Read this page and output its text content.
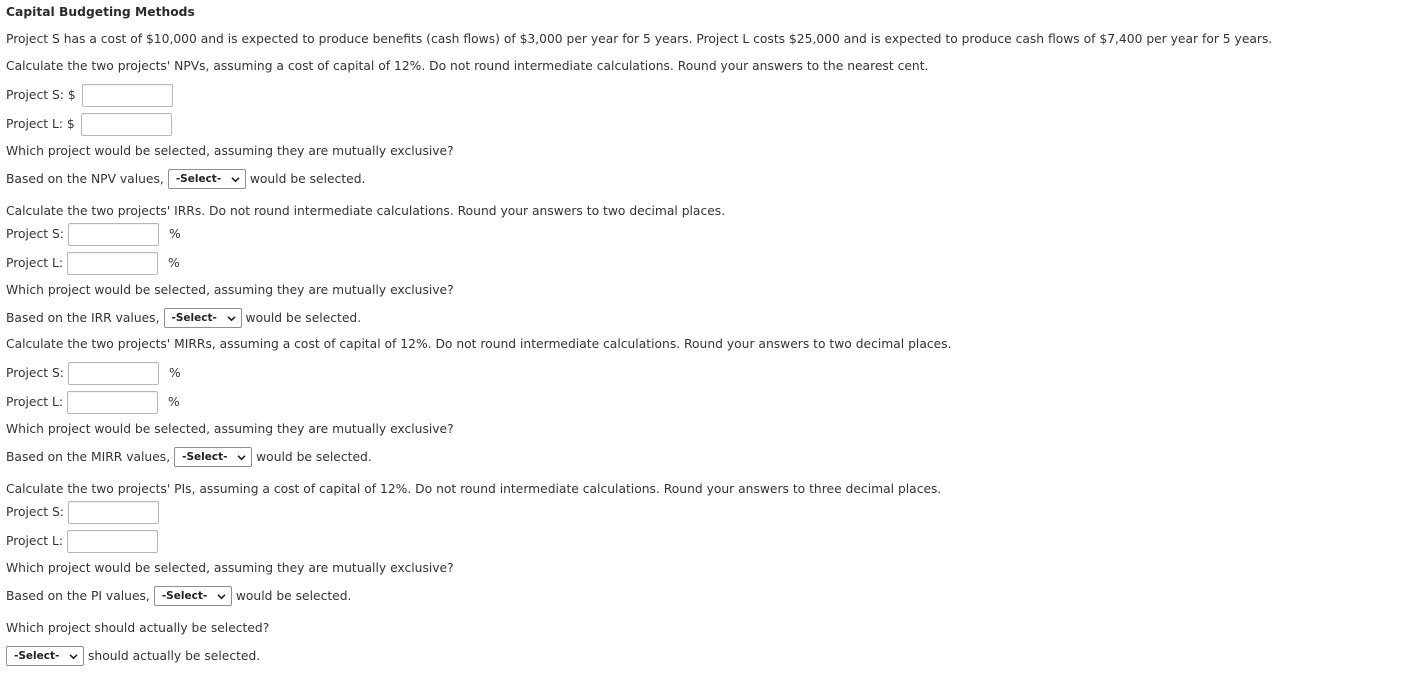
Capital Budgeting Methods
Project S has a cost of $10,000 and is expected to produce benefits (cash flows) of $3,000 per year for 5 years. Project L costs $25,000 and is expected to produce cash flows of $7,400 per year for 5 years.
Calculate the two projects' NPVs, assuming a cost of capital of 12%. Do not round intermediate calculations. Round your answers to the nearest cent.
Project S: $
Project L: $
Which project would be selected, assuming they are mutually exclusive?
Based on the NPV values, -Select- would be selected.
Calculate the two projects' IRRs. Do not round intermediate calculations. Round your answers to two decimal places.
Project S:	%
Project L:	%
Which project would be selected, assuming they are mutually exclusive?
Based on the IRR values, -Select- would be selected.
Calculate the two projects' MIRRs, assuming a cost of capital of 12%. Do not round intermediate calculations. Round your answers to two decimal places.
Project S:	%
Project L:	%
Which project would be selected, assuming they are mutually exclusive?
Based on the MIRR values, -Select- would be selected.
Calculate the two projects' PIs, assuming a cost of capital of 12%. Do not round intermediate calculations. Round your answers to three decimal places.
Project S:
Project L:
Which project would be selected, assuming they are mutually exclusive?
Based on the PI values, -Select- would be selected.
Which project should actually be selected?
-Select- should actually be selected.
